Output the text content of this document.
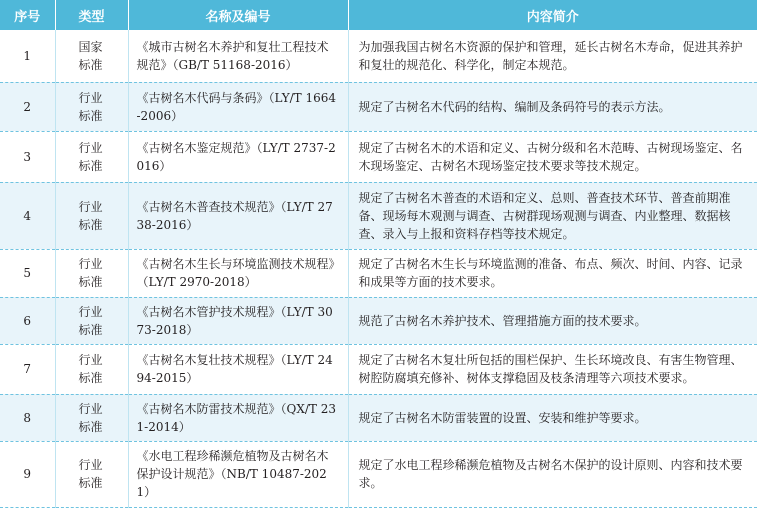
序号	类型	名称及编号	内容简介
1	国家标准	《城市古树名木养护和复壮工程技术规范》（GB/T 51168-2016）	为加强我国古树名木资源的保护和管理，延长古树名木寿命，促进其养护和复壮的规范化、科学化，制定本规范。
2	行业标准	《古树名木代码与条码》（LY/T 1664-2006）	规定了古树名木代码的结构、编制及条码符号的表示方法。
3	行业标准	《古树名木鉴定规范》（LY/T 2737-2016）	规定了古树名木的术语和定义、古树分级和名木范畴、古树现场鉴定、名木现场鉴定、古树名木现场鉴定技术要求等技术规定。
4	行业标准	《古树名木普查技术规范》（LY/T 2738-2016）	规定了古树名木普查的术语和定义、总则、普查技术环节、普查前期准备、现场每木观测与调查、古树群现场观测与调查、内业整理、数据核查、录入与上报和资料存档等技术规定。
5	行业标准	《古树名木生长与环境监测技术规程》（LY/T 2970-2018）	规定了古树名木生长与环境监测的准备、布点、频次、时间、内容、记录和成果等方面的技术要求。
6	行业标准	《古树名木管护技术规程》（LY/T 3073-2018）	规范了古树名木养护技术、管理措施方面的技术要求。
7	行业标准	《古树名木复壮技术规程》（LY/T 2494-2015）	规定了古树名木复壮所包括的围栏保护、生长环境改良、有害生物管理、树腔防腐填充修补、树体支撑稳固及枝条清理等六项技术要求。
8	行业标准	《古树名木防雷技术规范》（QX/T 231-2014）	规定了古树名木防雷装置的设置、安装和维护等要求。
9	行业标准	《水电工程珍稀濒危植物及古树名木保护设计规范》（NB/T 10487-2021）	规定了水电工程珍稀濒危植物及古树名木保护的设计原则、内容和技术要求。
